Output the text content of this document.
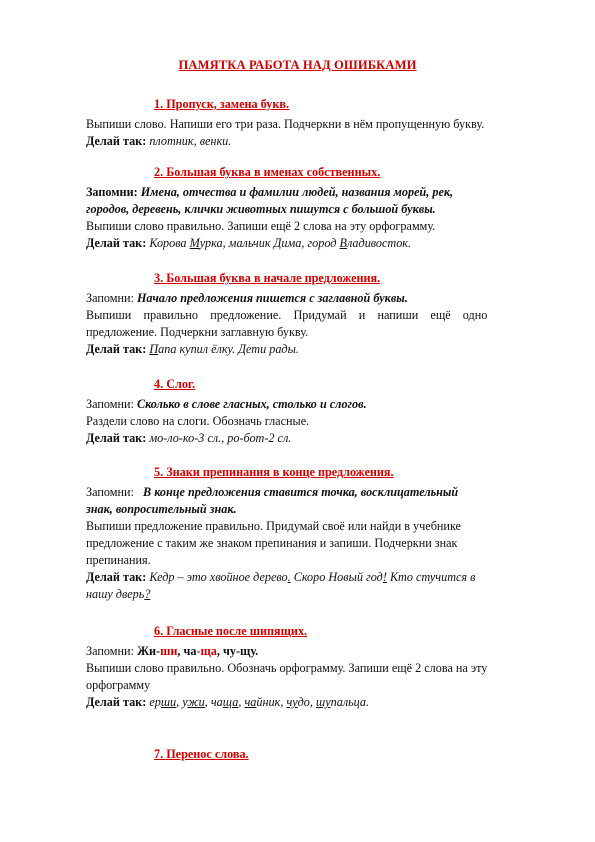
ПАМЯТКА РАБОТА НАД ОШИБКАМИ
1. Пропуск, замена букв.
Выпиши слово. Напиши его три раза. Подчеркни в нём пропущенную букву.
Делай так: плотник, венки.
2. Большая буква в именах собственных.
Запомни: Имена, отчества и фамилии людей, названия морей, рек,
городов, деревень, клички животных пишутся с большой буквы.
Выпиши слово правильно. Запиши ещё 2 слова на эту орфограмму.
Делай так: Корова Мурка, мальчик Дима, город Владивосток.
3. Большая буква в начале предложения.
Запомни: Начало предложения пишется с заглавной буквы.
Выпиши    правильно    предложение.    Придумай    и    напиши    ещё    одно
предложение. Подчеркни заглавную букву.
Делай так: Папа купил ёлку. Дети рады.
4. Слог.
Запомни: Сколько в слове гласных, столько и слогов.
Раздели слово на слоги. Обозначь гласные.
Делай так: мо-ло-ко-3 сл., ро-бот-2 сл.
5. Знаки препинания в конце предложения.
Запомни: В конце предложения ставится точка, восклицательный
знак, вопросительный знак.
Выпиши предложение правильно. Придумай своё или найди в учебнике
предложение с таким же знаком препинания и запиши. Подчеркни знак
препинания.
Делай так: Кедр – это хвойное дерево. Скоро Новый год! Кто стучится в
нашу дверь?
6. Гласные после шипящих.
Запомни: Жи-ши, ча-ща, чу-щу.
Выпиши слово правильно. Обозначь орфограмму. Запиши ещё 2 слова на эту
орфограмму
Делай так: ерши, ужи, чаща, чайник, чудо, шупальца.
7. Перенос слова.
